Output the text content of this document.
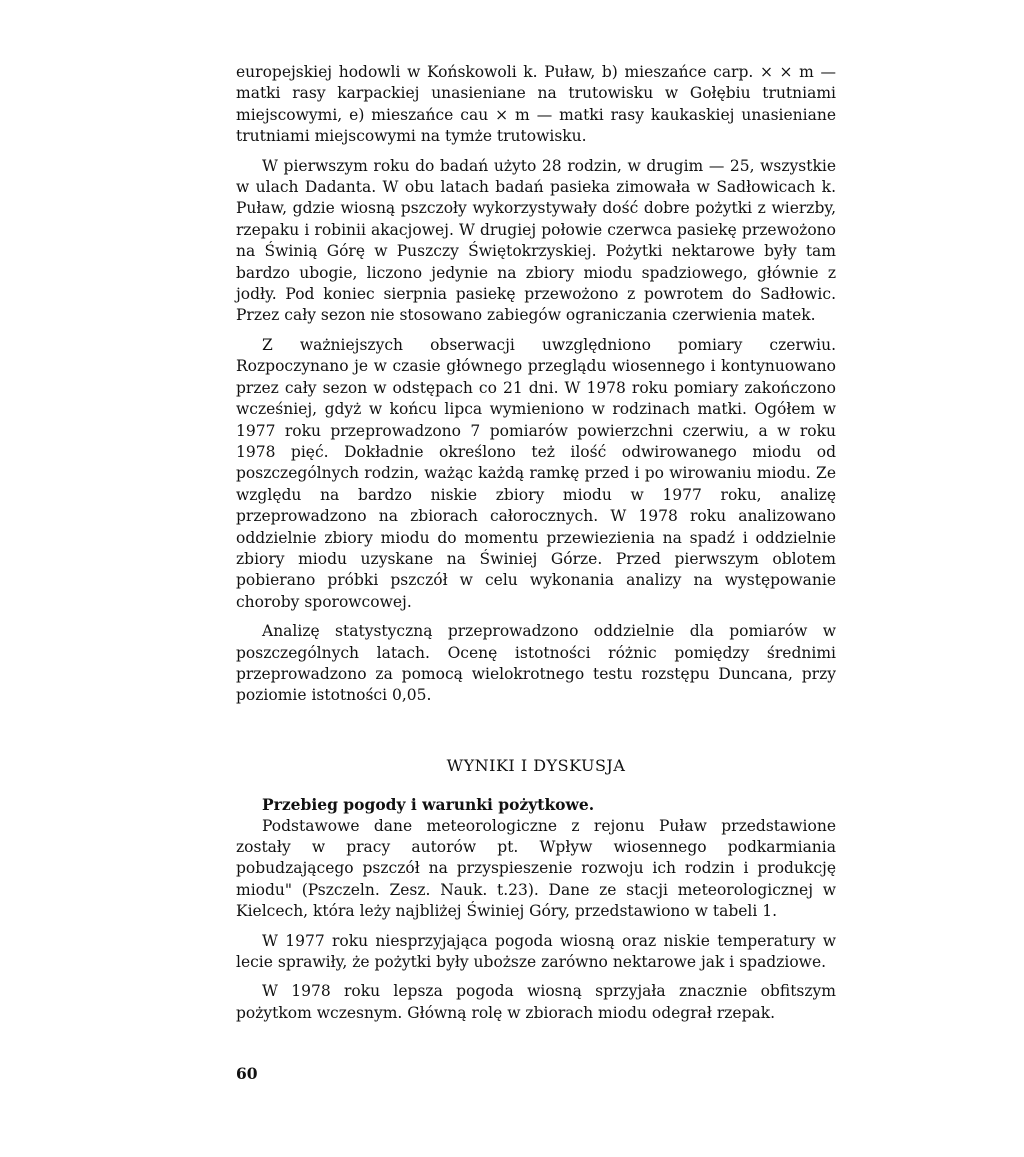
europejskiej hodowli w Końskowoli k. Puław, b) mieszańce carp. × × m — matki rasy karpackiej unasieniane na trutowisku w Gołębiu trutniami miejscowymi, e) mieszańce cau × m — matki rasy kaukaskiej unasieniane trutniami miejscowymi na tymże trutowisku.

W pierwszym roku do badań użyto 28 rodzin, w drugim — 25, wszystkie w ulach Dadanta. W obu latach badań pasieka zimowała w Sadłowicach k. Puław, gdzie wiosną pszczoły wykorzystywały dość dobre pożytki z wierzby, rzepaku i robinii akacjowej. W drugiej połowie czerwca pasiekę przewożono na Świnią Górę w Puszczy Świętokrzyskiej. Pożytki nektarowe były tam bardzo ubogie, liczono jedynie na zbiory miodu spadziowego, głównie z jodły. Pod koniec sierpnia pasiekę przewożono z powrotem do Sadłowic. Przez cały sezon nie stosowano zabiegów ograniczania czerwienia matek.

Z ważniejszych obserwacji uwzględniono pomiary czerwiu. Rozpoczynano je w czasie głównego przeglądu wiosennego i kontynuowano przez cały sezon w odstępach co 21 dni. W 1978 roku pomiary zakończono wcześniej, gdyż w końcu lipca wymieniono w rodzinach matki. Ogółem w 1977 roku przeprowadzono 7 pomiarów powierzchni czerwiu, a w roku 1978 pięć. Dokładnie określono też ilość odwirowanego miodu od poszczególnych rodzin, ważąc każdą ramkę przed i po wirowaniu miodu. Ze względu na bardzo niskie zbiory miodu w 1977 roku, analizę przeprowadzono na zbiorach całorocznych. W 1978 roku analizowano oddzielnie zbiory miodu do momentu przewiezienia na spadź i oddzielnie zbiory miodu uzyskane na Świniej Górze. Przed pierwszym oblotem pobierano próbki pszczół w celu wykonania analizy na występowanie choroby sporowcowej.

Analizę statystyczną przeprowadzono oddzielnie dla pomiarów w poszczególnych latach. Ocenę istotności różnic pomiędzy średnimi przeprowadzono za pomocą wielokrotnego testu rozstępu Duncana, przy poziomie istotności 0,05.

WYNIKI I DYSKUSJA

Przebieg pogody i warunki pożytkowe.

Podstawowe dane meteorologiczne z rejonu Puław przedstawione zostały w pracy autorów pt. Wpływ wiosennego podkarmiania pobudzającego pszczół na przyspieszenie rozwoju ich rodzin i produkcję miodu" (Pszczeln. Zesz. Nauk. t.23). Dane ze stacji meteorologicznej w Kielcech, która leży najbliżej Świniej Góry, przedstawiono w tabeli 1.

W 1977 roku niesprzyjająca pogoda wiosną oraz niskie temperatury w lecie sprawiły, że pożytki były uboższe zarówno nektarowe jak i spadziowe.

W 1978 roku lepsza pogoda wiosną sprzyjała znacznie obfitszym pożytkom wczesnym. Główną rolę w zbiorach miodu odegrał rzepak.

60
